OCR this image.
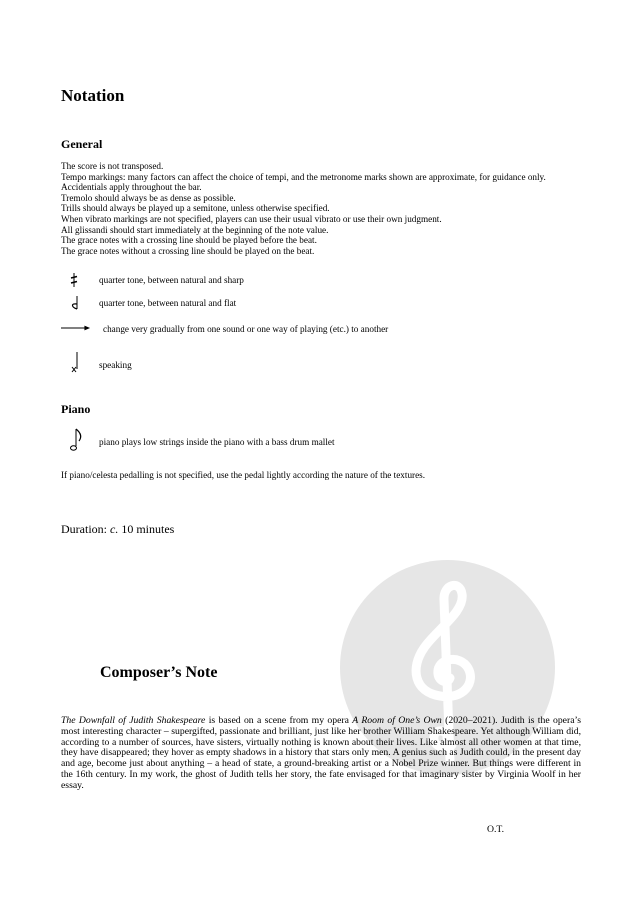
Notation
General
The score is not transposed.
Tempo markings: many factors can affect the choice of tempi, and the metronome marks shown are approximate, for guidance only.
Accidentials apply throughout the bar.
Tremolo should always be as dense as possible.
Trills should always be played up a semitone, unless otherwise specified.
When vibrato markings are not specified, players can use their usual vibrato or use their own judgment.
All glissandi should start immediately at the beginning of the note value.
The grace notes with a crossing line should be played before the beat.
The grace notes without a crossing line should be played on the beat.
quarter tone, between natural and sharp
quarter tone, between natural and flat
change very gradually from one sound or one way of playing (etc.) to another
speaking
Piano
piano plays low strings inside the piano with a bass drum mallet
If piano/celesta pedalling is not specified, use the pedal lightly according the nature of the textures.
Duration: c. 10 minutes
Composer’s Note
The Downfall of Judith Shakespeare is based on a scene from my opera A Room of One’s Own (2020–2021). Judith is the opera’s most interesting character – supergifted, passionate and brilliant, just like her brother William Shakespeare. Yet although William did, according to a number of sources, have sisters, virtually nothing is known about their lives. Like almost all other women at that time, they have disappeared; they hover as empty shadows in a history that stars only men. A genius such as Judith could, in the present day and age, become just about anything – a head of state, a ground-breaking artist or a Nobel Prize winner. But things were different in the 16th century. In my work, the ghost of Judith tells her story, the fate envisaged for that imaginary sister by Virginia Woolf in her essay.
O.T.
